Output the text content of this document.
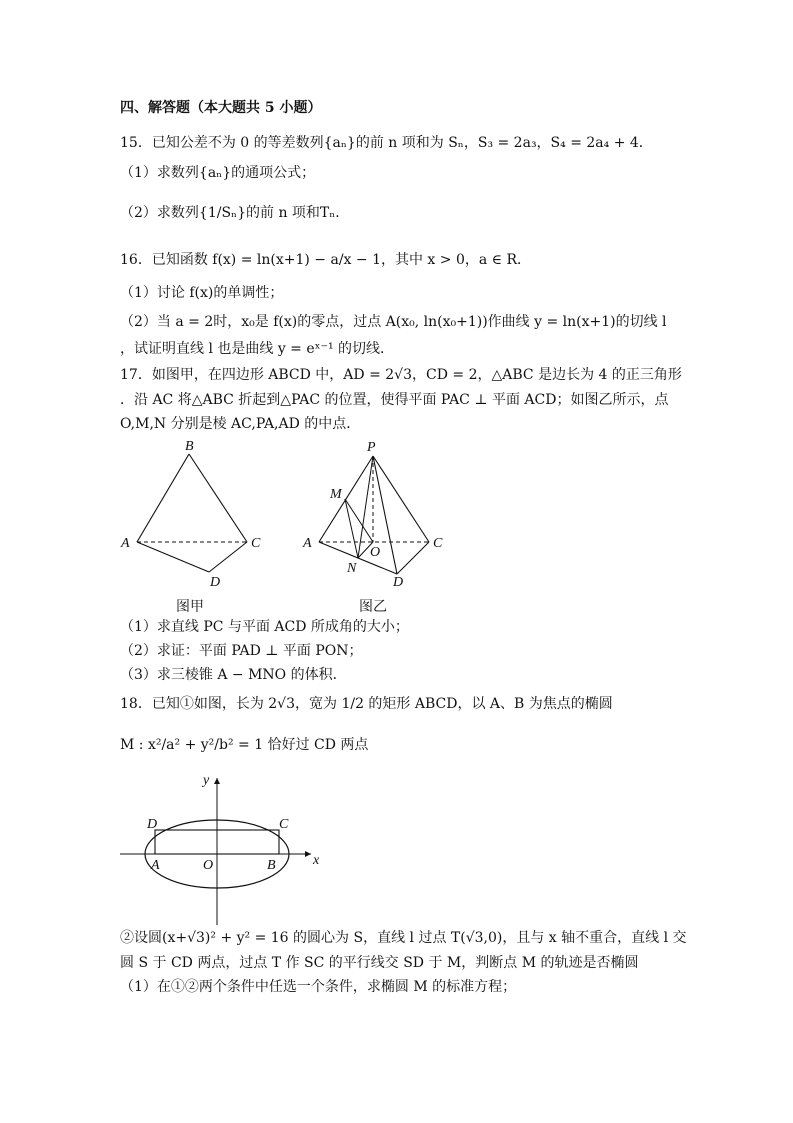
四、解答题（本大题共 5 小题）
15．已知公差不为 0 的等差数列{aₙ}的前 n 项和为 Sₙ，S₃ = 2a₃，S₄ = 2a₄ + 4．
（1）求数列{aₙ}的通项公式；
（2）求数列{1/Sₙ}的前 n 项和Tₙ．
16．已知函数 f(x) = ln(x+1) − a/x − 1，其中 x > 0，a ∈ R．
（1）讨论 f(x)的单调性；
（2）当 a = 2时，x₀是 f(x)的零点，过点 A(x₀, ln(x₀+1))作曲线 y = ln(x+1)的切线 l
，试证明直线 l 也是曲线 y = eˣ⁻¹ 的切线．
17．如图甲，在四边形 ABCD 中，AD = 2√3，CD = 2，△ABC 是边长为 4 的正三角形
．沿 AC 将△ABC 折起到△PAC 的位置，使得平面 PAC ⊥ 平面 ACD；如图乙所示，点
O,M,N 分别是棱 AC,PA,AD 的中点．
B
A	C
D
图甲
P
M
A
O
C
N
D
图乙
（1）求直线 PC 与平面 ACD 所成角的大小；
（2）求证：平面 PAD ⊥ 平面 PON；
（3）求三棱锥 A − MNO 的体积．
18．已知①如图，长为 2√3，宽为 1/2 的矩形 ABCD，以 A、B 为焦点的椭圆
M : x²/a² + y²/b² = 1 恰好过 CD 两点
y
x
D	C
A	O	B
②设圆(x+√3)² + y² = 16 的圆心为 S，直线 l 过点 T(√3,0)，且与 x 轴不重合，直线 l 交
圆 S 于 CD 两点，过点 T 作 SC 的平行线交 SD 于 M，判断点 M 的轨迹是否椭圆
（1）在①②两个条件中任选一个条件，求椭圆 M 的标准方程；
